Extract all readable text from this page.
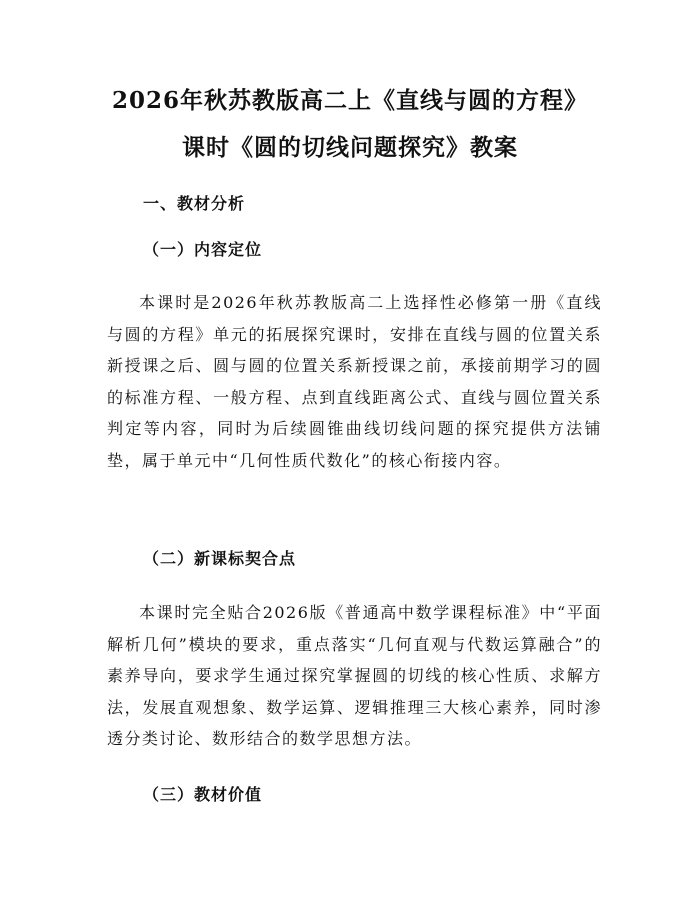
2026年秋苏教版高二上《直线与圆的方程》
课时《圆的切线问题探究》教案
一、教材分析
（一）内容定位

本课时是2026年秋苏教版高二上选择性必修第一册《直线与圆的方程》单元的拓展探究课时，安排在直线与圆的位置关系新授课之后、圆与圆的位置关系新授课之前，承接前期学习的圆的标准方程、一般方程、点到直线距离公式、直线与圆位置关系判定等内容，同时为后续圆锥曲线切线问题的探究提供方法铺垫，属于单元中“几何性质代数化”的核心衔接内容。

（二）新课标契合点

本课时完全贴合2026版《普通高中数学课程标准》中“平面解析几何”模块的要求，重点落实“几何直观与代数运算融合”的素养导向，要求学生通过探究掌握圆的切线的核心性质、求解方法，发展直观想象、数学运算、逻辑推理三大核心素养，同时渗透分类讨论、数形结合的数学思想方法。

（三）教材价值
